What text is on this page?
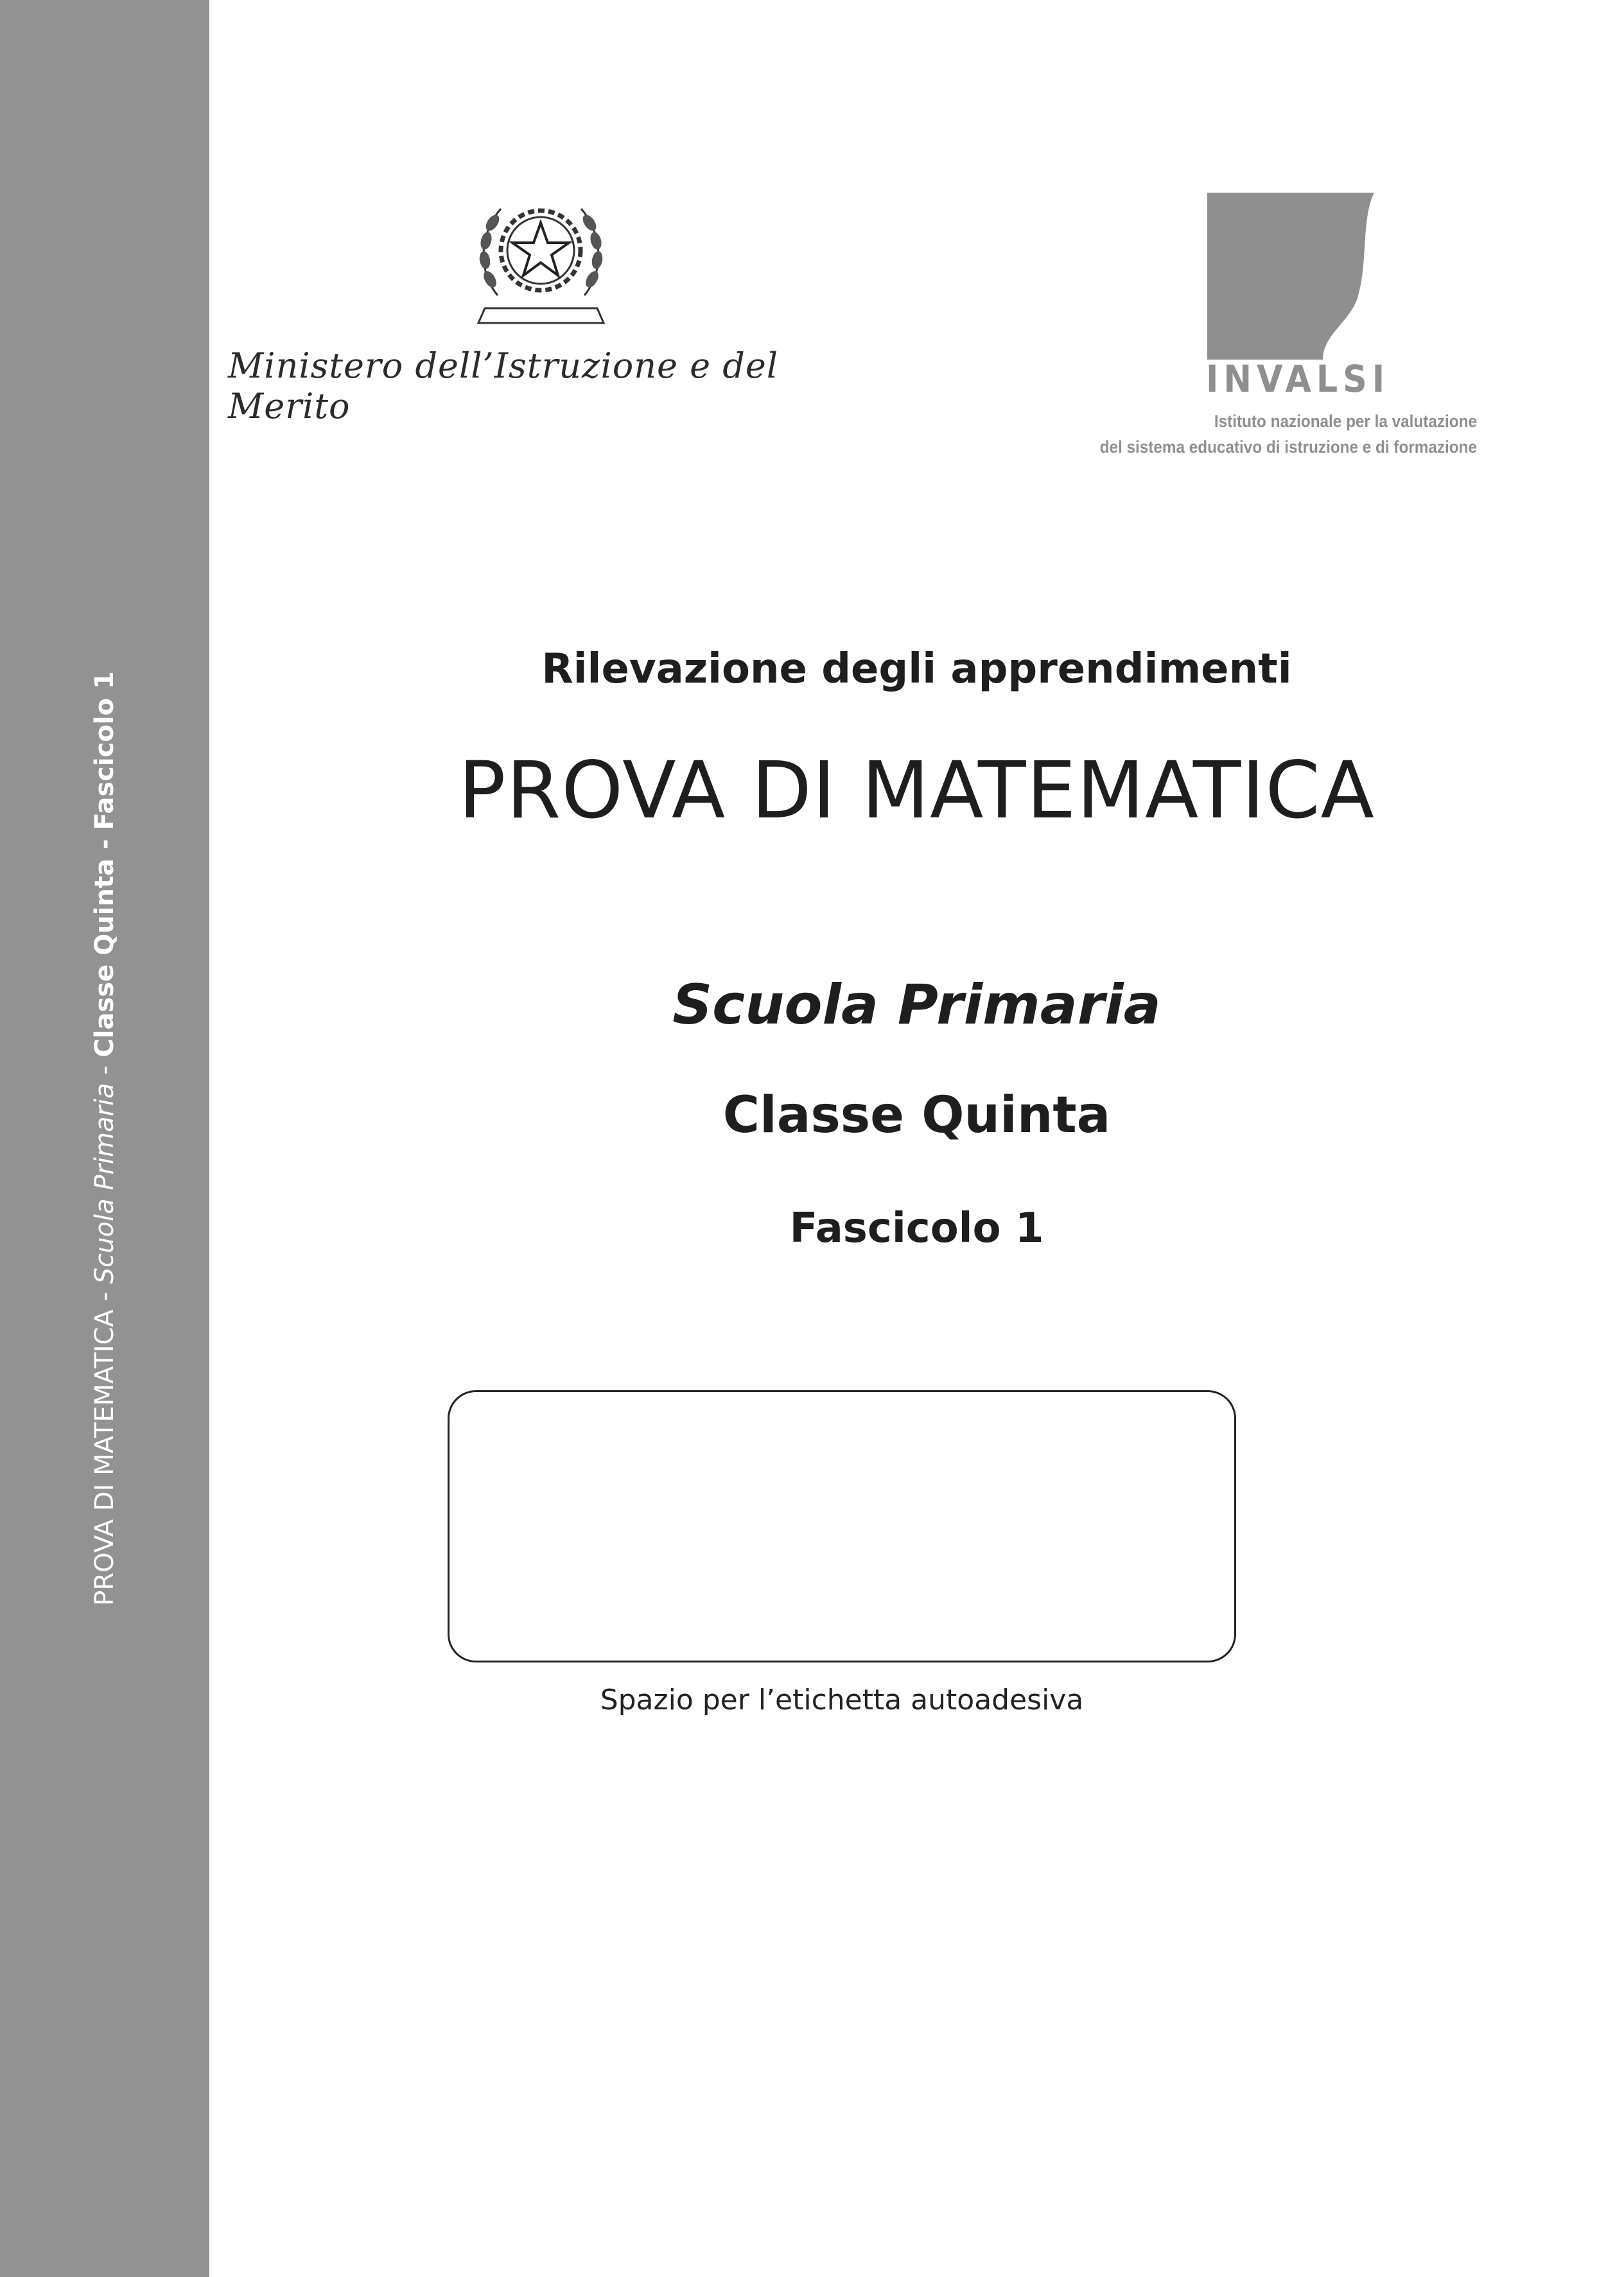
PROVA DI MATEMATICA - Scuola Primaria - Classe Quinta - Fascicolo 1
Ministero dell’Istruzione e del Merito
INVALSI
Istituto nazionale per la valutazione
del sistema educativo di istruzione e di formazione
Rilevazione degli apprendimenti
PROVA DI MATEMATICA
Scuola Primaria
Classe Quinta
Fascicolo 1
Spazio per l’etichetta autoadesiva
